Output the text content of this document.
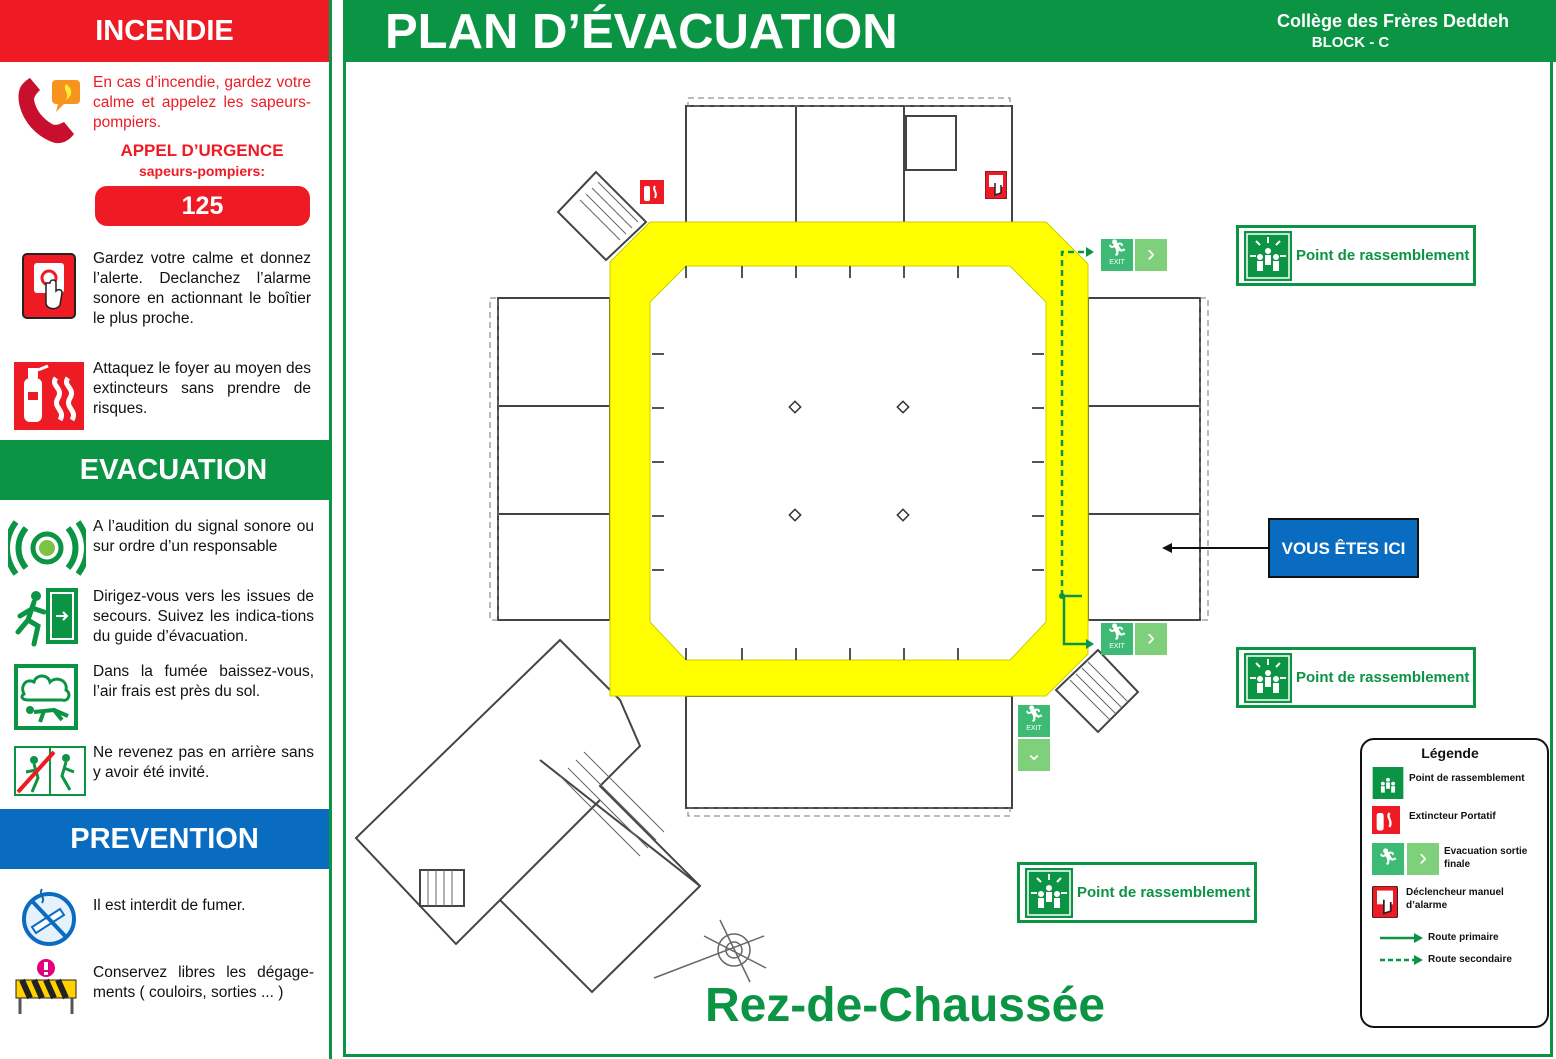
INCENDIE
En cas d’incendie, gardez votre calme et appelez les sapeurs- pompiers.
APPEL D’URGENCE
sapeurs-pompiers:
125
Gardez votre calme et donnez l’alerte. Declanchez l’alarme sonore en actionnant le boîtier le plus proche.
Attaquez le foyer au moyen des extincteurs sans prendre de risques.
EVACUATION
A l’audition du signal sonore ou sur ordre d’un responsable
Dirigez-vous vers les issues de secours. Suivez les indica-tions du guide d’évacuation.
Dans la fumée baissez-vous, l’air frais est près du sol.
Ne revenez pas en arrière sans y avoir été invité.
PREVENTION
Il est interdit de fumer.
Conservez libres les dégage-ments ( couloirs, sorties ... )
PLAN D’ÉVACUATION	Collège des Frères Deddeh
BLOCK - C
🏃︎
EXIT ›
🏃︎
EXIT ›
🏃︎
EXIT
⌄
Point de rassemblement
Point de rassemblement
Point de rassemblement
VOUS ÊTES ICI
Rez-de-Chaussée
Légende
Point de rassemblement
Extincteur Portatif
🏃︎ ›	Evacuation sortie finale
Déclencheur manuel d’alarme
Route primaire
Route secondaire
